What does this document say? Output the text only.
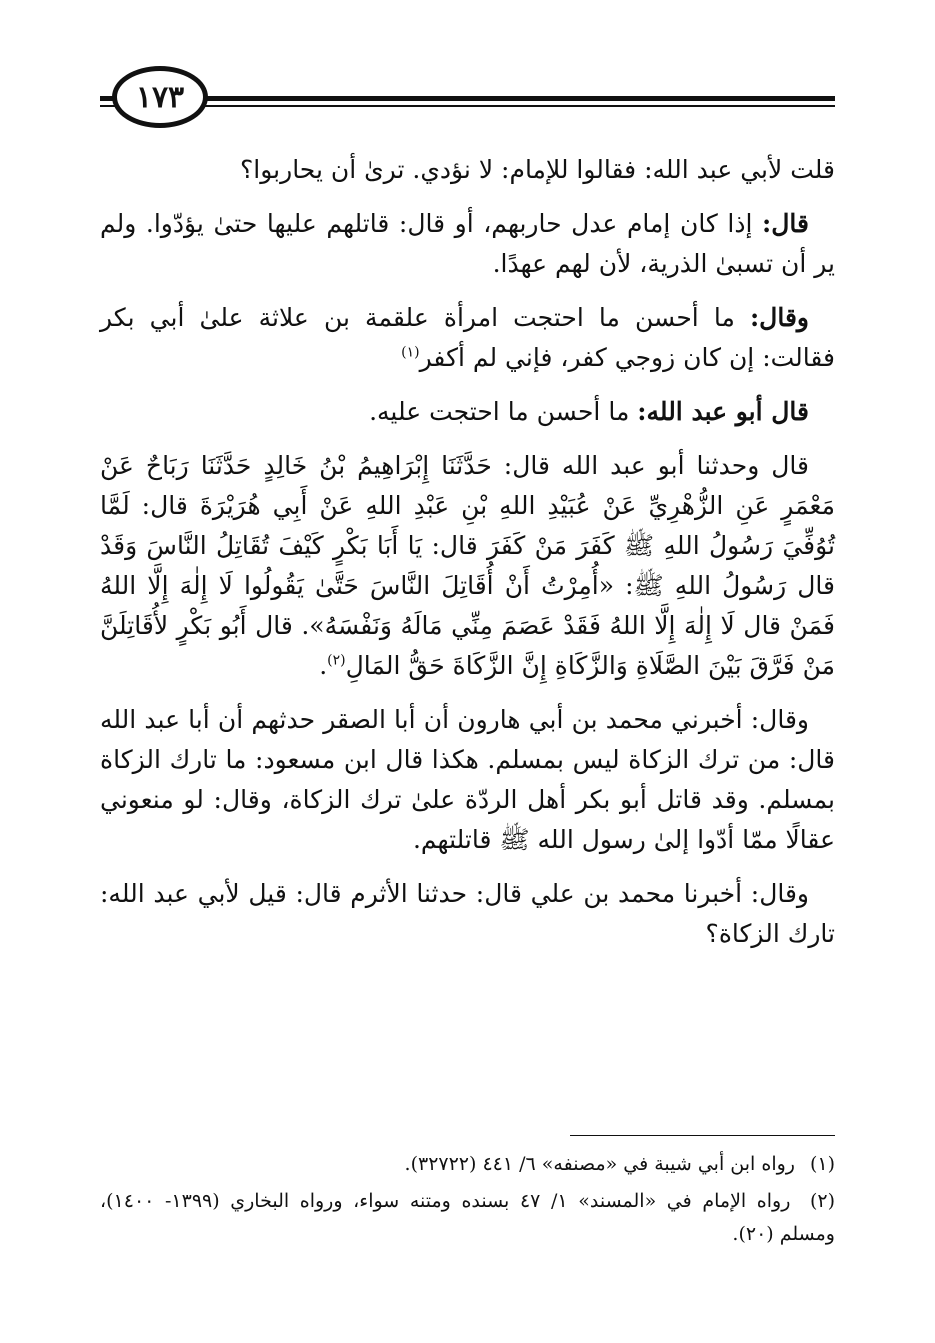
١٧٣

قلت لأبي عبد الله: فقالوا للإمام: لا نؤدي. ترىٰ أن يحاربوا؟

قال: إذا كان إمام عدل حاربهم، أو قال: قاتلهم عليها حتىٰ يؤدّوا. ولم ير أن تسبىٰ الذرية، لأن لهم عهدًا.

وقال: ما أحسن ما احتجت امرأة علقمة بن علاثة علىٰ أبي بكر فقالت: إن كان زوجي كفر، فإني لم أكفر$^{(١)}$

قال أبو عبد الله: ما أحسن ما احتجت عليه.

قال وحدثنا أبو عبد الله قال: حَدَّثَنَا إِبْرَاهِيمُ بْنُ خَالِدٍ حَدَّثَنَا رَبَاحٌ عَنْ مَعْمَرٍ عَنِ الزُّهْرِيِّ عَنْ عُبَيْدِ اللهِ بْنِ عَبْدِ اللهِ عَنْ أَبِي هُرَيْرَةَ قال: لَمَّا تُوُفِّيَ رَسُولُ اللهِ ﷺ كَفَرَ مَنْ كَفَرَ قال: يَا أَبَا بَكْرٍ كَيْفَ تُقَاتِلُ النَّاسَ وَقَدْ قال رَسُولُ اللهِ ﷺ: «أُمِرْتُ أَنْ أُقَاتِلَ النَّاسَ حَتَّىٰ يَقُولُوا لَا إِلٰهَ إِلَّا اللهُ فَمَنْ قال لَا إِلٰهَ إِلَّا اللهُ فَقَدْ عَصَمَ مِنِّي مَالَهُ وَنَفْسَهُ». قال أَبُو بَكْرٍ لأُقَاتِلَنَّ مَنْ فَرَّقَ بَيْنَ الصَّلَاةِ وَالزَّكَاةِ إِنَّ الزَّكَاةَ حَقُّ المَالِ$^{(٢)}$.

وقال: أخبرني محمد بن أبي هارون أن أبا الصقر حدثهم أن أبا عبد الله قال: من ترك الزكاة ليس بمسلم. هكذا قال ابن مسعود: ما تارك الزكاة بمسلم. وقد قاتل أبو بكر أهل الردّة علىٰ ترك الزكاة، وقال: لو منعوني عقالًا ممّا أدّوا إلىٰ رسول الله ﷺ قاتلتهم.

وقال: أخبرنا محمد بن علي قال: حدثنا الأثرم قال: قيل لأبي عبد الله: تارك الزكاة؟

(١) رواه ابن أبي شيبة في «مصنفه» ٦/ ٤٤١ (٣٢٧٢٢).

(٢) رواه الإمام في «المسند» ١/ ٤٧ بسنده ومتنه سواء، ورواه البخاري (١٣٩٩- ١٤٠٠)، ومسلم (٢٠).
